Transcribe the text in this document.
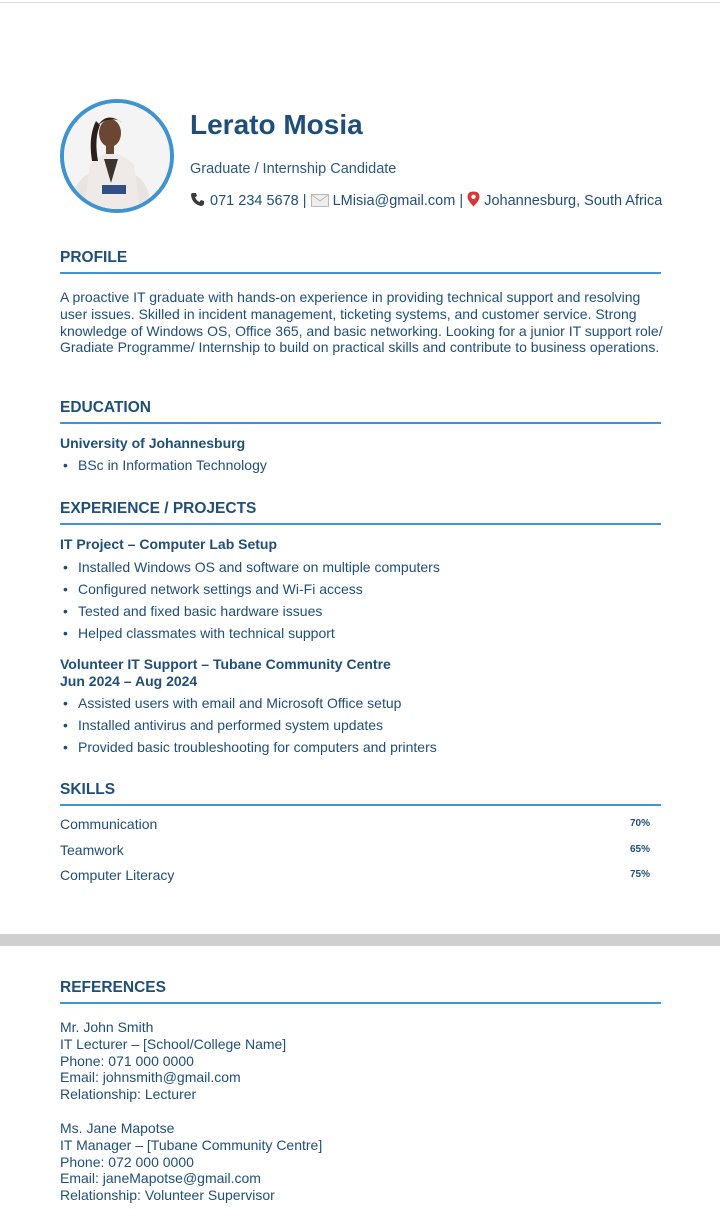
Lerato Mosia
Graduate / Internship Candidate
071 234 5678 | LMisia@gmail.com | Johannesburg, South Africa
PROFILE
A proactive IT graduate with hands-on experience in providing technical support and resolving user issues. Skilled in incident management, ticketing systems, and customer service. Strong knowledge of Windows OS, Office 365, and basic networking. Looking for a junior IT support role/ Gradiate Programme/ Internship to build on practical skills and contribute to business operations.
EDUCATION
University of Johannesburg
• BSc in Information Technology
EXPERIENCE / PROJECTS
IT Project – Computer Lab Setup
• Installed Windows OS and software on multiple computers
• Configured network settings and Wi-Fi access
• Tested and fixed basic hardware issues
• Helped classmates with technical support
Volunteer IT Support – Tubane Community Centre
Jun 2024 – Aug 2024
• Assisted users with email and Microsoft Office setup
• Installed antivirus and performed system updates
• Provided basic troubleshooting for computers and printers
SKILLS
Communication	70%
Teamwork	65%
Computer Literacy	75%
REFERENCES
Mr. John Smith
IT Lecturer – [School/College Name]
Phone: 071 000 0000
Email: johnsmith@gmail.com
Relationship: Lecturer
Ms. Jane Mapotse
IT Manager – [Tubane Community Centre]
Phone: 072 000 0000
Email: janeMapotse@gmail.com
Relationship: Volunteer Supervisor
